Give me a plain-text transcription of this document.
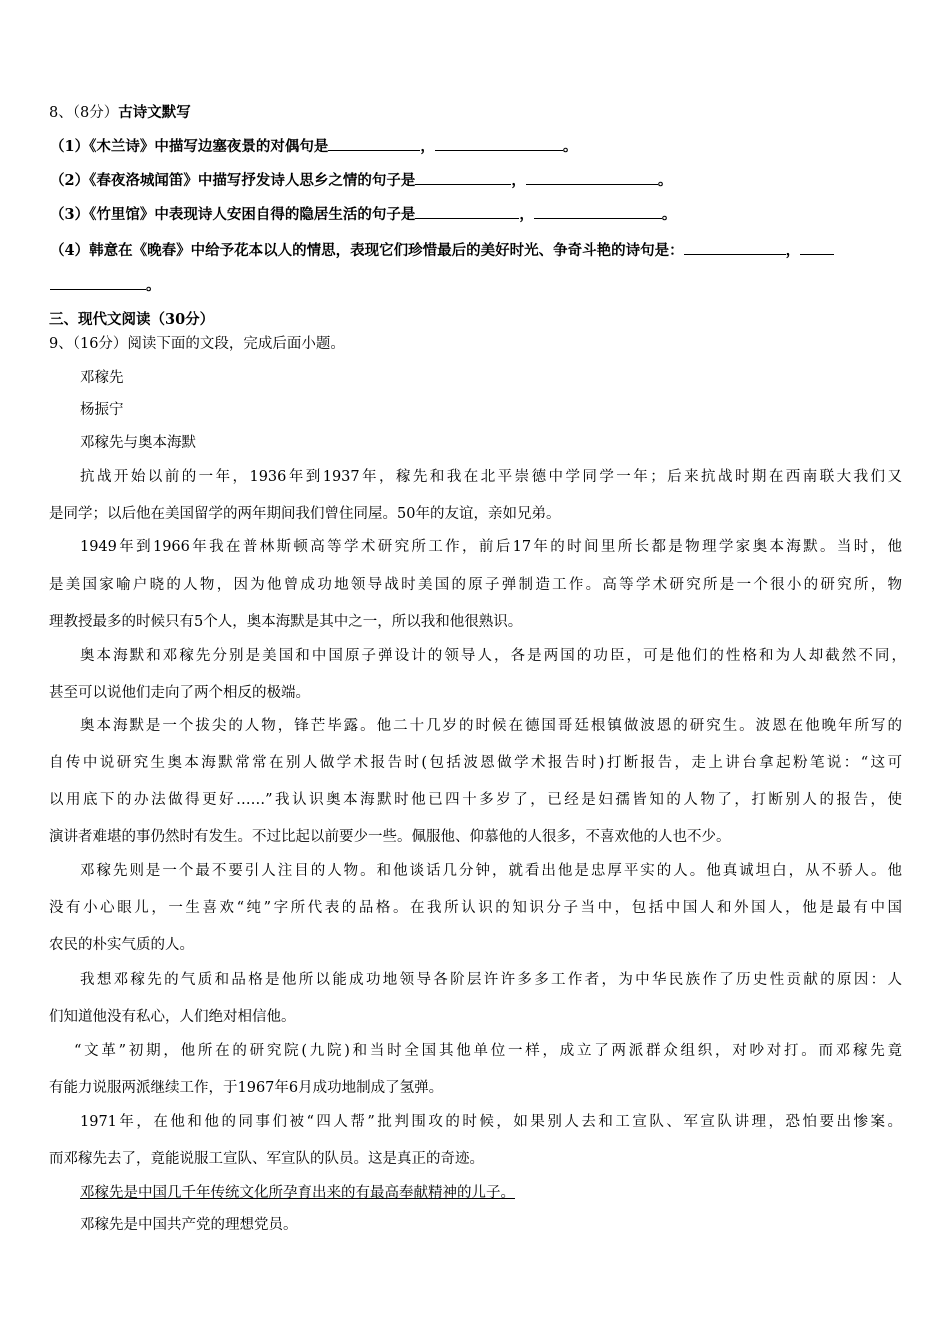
8、（8分）古诗文默写
（1）《木兰诗》中描写边塞夜景的对偶句是	，	。
（2）《春夜洛城闻笛》中描写抒发诗人思乡之情的句子是	，	。
（3）《竹里馆》中表现诗人安困自得的隐居生活的句子是	，	。
（4）韩意在《晚春》中给予花本以人的情思，表现它们珍惜最后的美好时光、争奇斗艳的诗句是：	，
。
三、现代文阅读（30分）
9、（16分）阅读下面的文段，完成后面小题。
邓稼先
杨振宁
邓稼先与奥本海默
抗战开始以前的一年，1936年到1937年，稼先和我在北平崇德中学同学一年；后来抗战时期在西南联大我们又
是同学；以后他在美国留学的两年期间我们曾住同屋。50年的友谊，亲如兄弟。
1949年到1966年我在普林斯顿高等学术研究所工作，前后17年的时间里所长都是物理学家奥本海默。当时，他
是美国家喻户晓的人物，因为他曾成功地领导战时美国的原子弹制造工作。高等学术研究所是一个很小的研究所，物
理教授最多的时候只有5个人，奥本海默是其中之一，所以我和他很熟识。
奥本海默和邓稼先分别是美国和中国原子弹设计的领导人，各是两国的功臣，可是他们的性格和为人却截然不同，
甚至可以说他们走向了两个相反的极端。
奥本海默是一个拔尖的人物，锋芒毕露。他二十几岁的时候在德国哥廷根镇做波恩的研究生。波恩在他晚年所写的
自传中说研究生奥本海默常常在别人做学术报告时(包括波恩做学术报告时)打断报告，走上讲台拿起粉笔说：“这可
以用底下的办法做得更好……”我认识奥本海默时他已四十多岁了，已经是妇孺皆知的人物了，打断别人的报告，使
演讲者难堪的事仍然时有发生。不过比起以前要少一些。佩服他、仰慕他的人很多，不喜欢他的人也不少。
邓稼先则是一个最不要引人注目的人物。和他谈话几分钟，就看出他是忠厚平实的人。他真诚坦白，从不骄人。他
没有小心眼儿，一生喜欢“纯”字所代表的品格。在我所认识的知识分子当中，包括中国人和外国人，他是最有中国
农民的朴实气质的人。
我想邓稼先的气质和品格是他所以能成功地领导各阶层许许多多工作者，为中华民族作了历史性贡献的原因：人
们知道他没有私心，人们绝对相信他。
“文革”初期，他所在的研究院(九院)和当时全国其他单位一样，成立了两派群众组织，对吵对打。而邓稼先竟
有能力说服两派继续工作，于1967年6月成功地制成了氢弹。
1971年，在他和他的同事们被“四人帮”批判围攻的时候，如果别人去和工宣队、军宣队讲理，恐怕要出惨案。
而邓稼先去了，竟能说服工宣队、军宣队的队员。这是真正的奇迹。
邓稼先是中国几千年传统文化所孕育出来的有最高奉献精神的儿子。
邓稼先是中国共产党的理想党员。
